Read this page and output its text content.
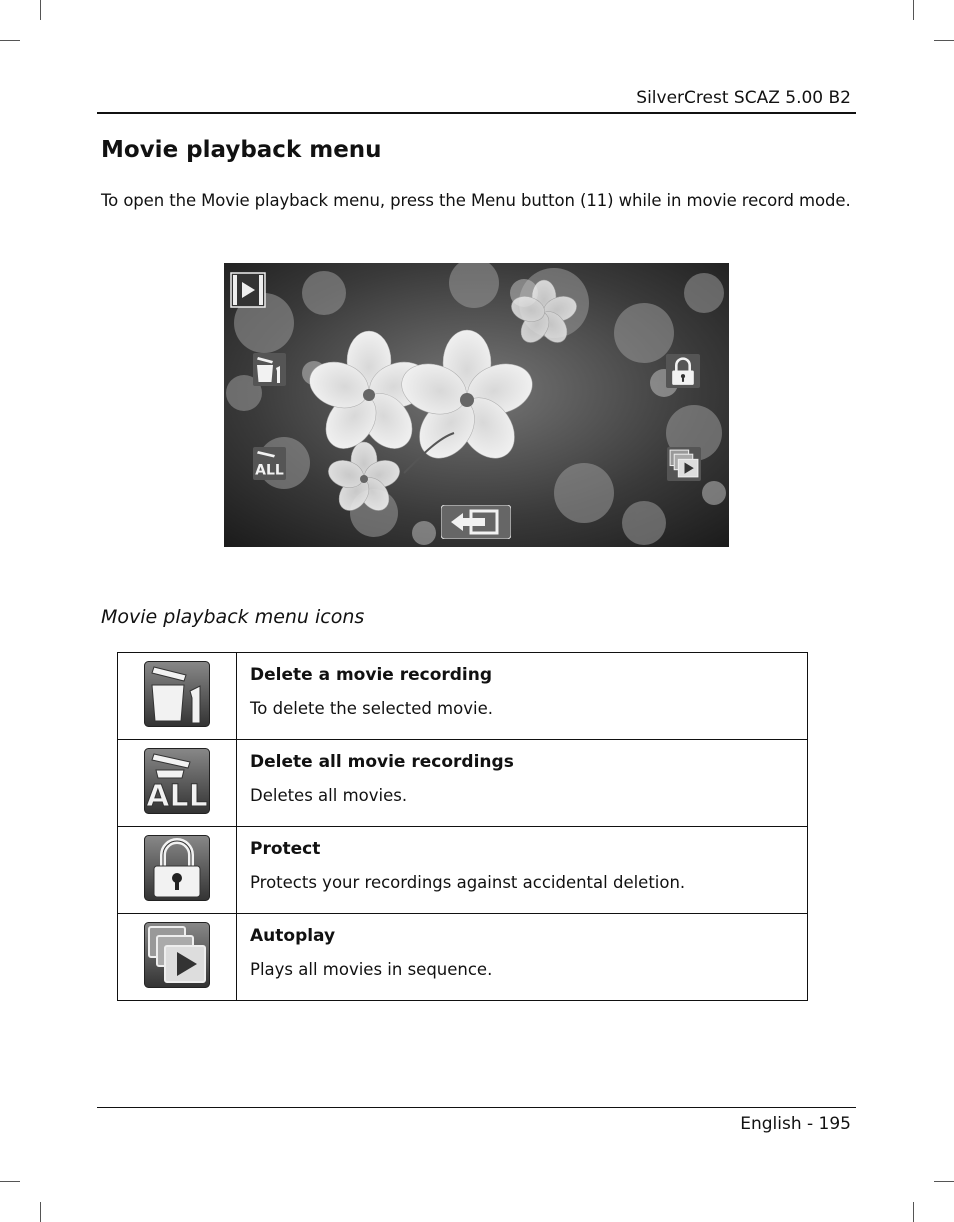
SilverCrest SCAZ 5.00 B2
Movie playback menu

To open the Movie playback menu, press the Menu button (11) while in movie record mode.

ALL
Movie playback menu icons

Delete a movie recording

To delete the selected movie.

ALL	Delete all movie recordings

Deletes all movies.

Protect

Protects your recordings against accidental deletion.

Autoplay

Plays all movies in sequence.

English - 195
